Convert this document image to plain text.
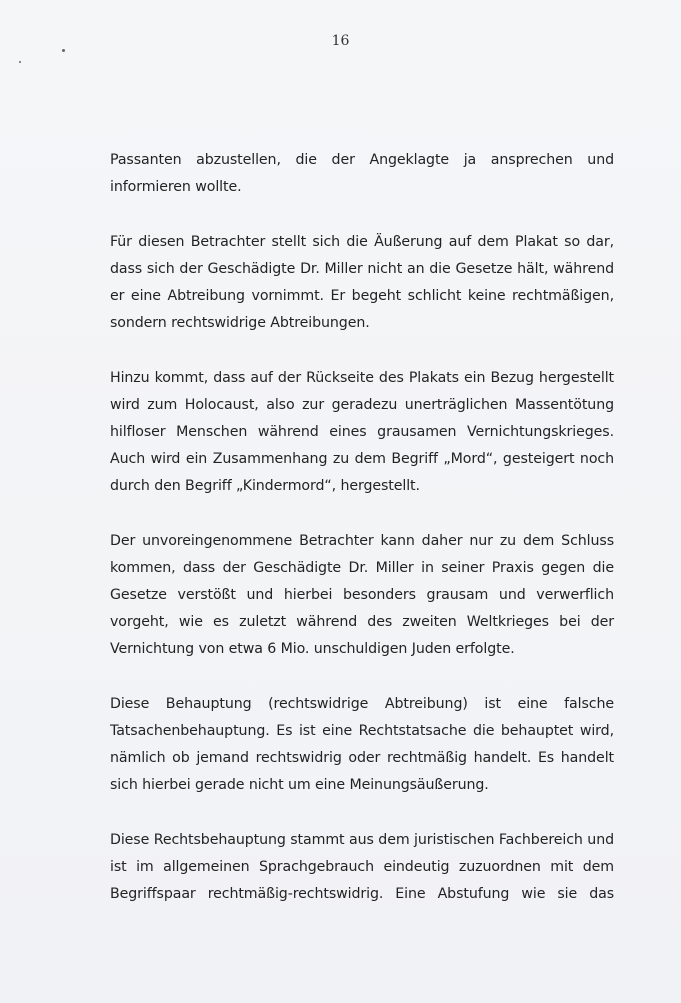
16

Passanten abzustellen, die der Angeklagte ja ansprechen und informieren wollte.

Für diesen Betrachter stellt sich die Äußerung auf dem Plakat so dar, dass sich der Geschädigte Dr. Miller nicht an die Gesetze hält, während er eine Abtreibung vornimmt. Er begeht schlicht keine rechtmäßigen, sondern rechtswidrige Abtreibungen.

Hinzu kommt, dass auf der Rückseite des Plakats ein Bezug hergestellt wird zum Holocaust, also zur geradezu unerträglichen Massentötung hilfloser Menschen während eines grausamen Vernichtungskrieges. Auch wird ein Zusammenhang zu dem Begriff „Mord“, gesteigert noch durch den Begriff „Kindermord“, hergestellt.

Der unvoreingenommene Betrachter kann daher nur zu dem Schluss kommen, dass der Geschädigte Dr. Miller in seiner Praxis gegen die Gesetze verstößt und hierbei besonders grausam und verwerflich vorgeht, wie es zuletzt während des zweiten Weltkrieges bei der Vernichtung von etwa 6 Mio. unschuldigen Juden erfolgte.

Diese Behauptung (rechtswidrige Abtreibung) ist eine falsche Tatsachenbehauptung. Es ist eine Rechtstatsache die behauptet wird, nämlich ob jemand rechtswidrig oder rechtmäßig handelt. Es handelt sich hierbei gerade nicht um eine Meinungsäußerung.

Diese Rechtsbehauptung stammt aus dem juristischen Fachbereich und ist im allgemeinen Sprachgebrauch eindeutig zuzuordnen mit dem Begriffspaar rechtmäßig-rechtswidrig. Eine Abstufung wie sie das
